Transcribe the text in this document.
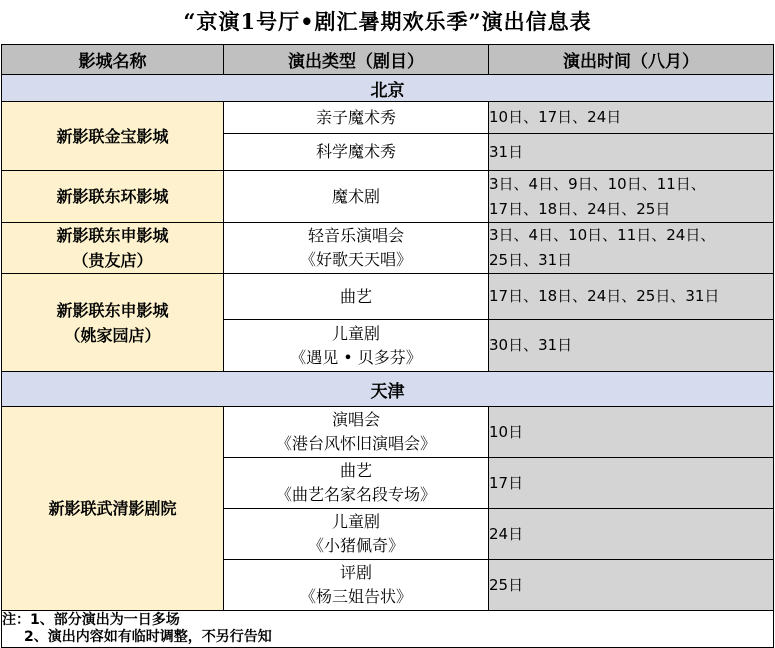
“京演1号厅•剧汇暑期欢乐季”演出信息表
影城名称	演出类型（剧目）	演出时间（八月）
北京		

新影联金宝影城	亲子魔术秀	10日、17日、24日

	科学魔术秀	31日

新影联东环影城	魔术剧	3日、4日、9日、10日、11日、
17日、18日、24日、25日

新影联东申影城
（贵友店）	轻音乐演唱会
《好歌天天唱》	3日、4日、10日、11日、24日、
25日、31日

新影联东申影城
（姚家园店）	曲艺	17日、18日、24日、25日、31日

	儿童剧
《遇见 • 贝多芬》	30日、31日

天津		

新影联武清影剧院	演唱会
《港台风怀旧演唱会》	10日

	曲艺
《曲艺名家名段专场》	17日

	儿童剧
《小猪佩奇》	24日

	评剧
《杨三姐告状》	25日

注：1、部分演出为一日多场
2、演出内容如有临时调整，不另行告知		
